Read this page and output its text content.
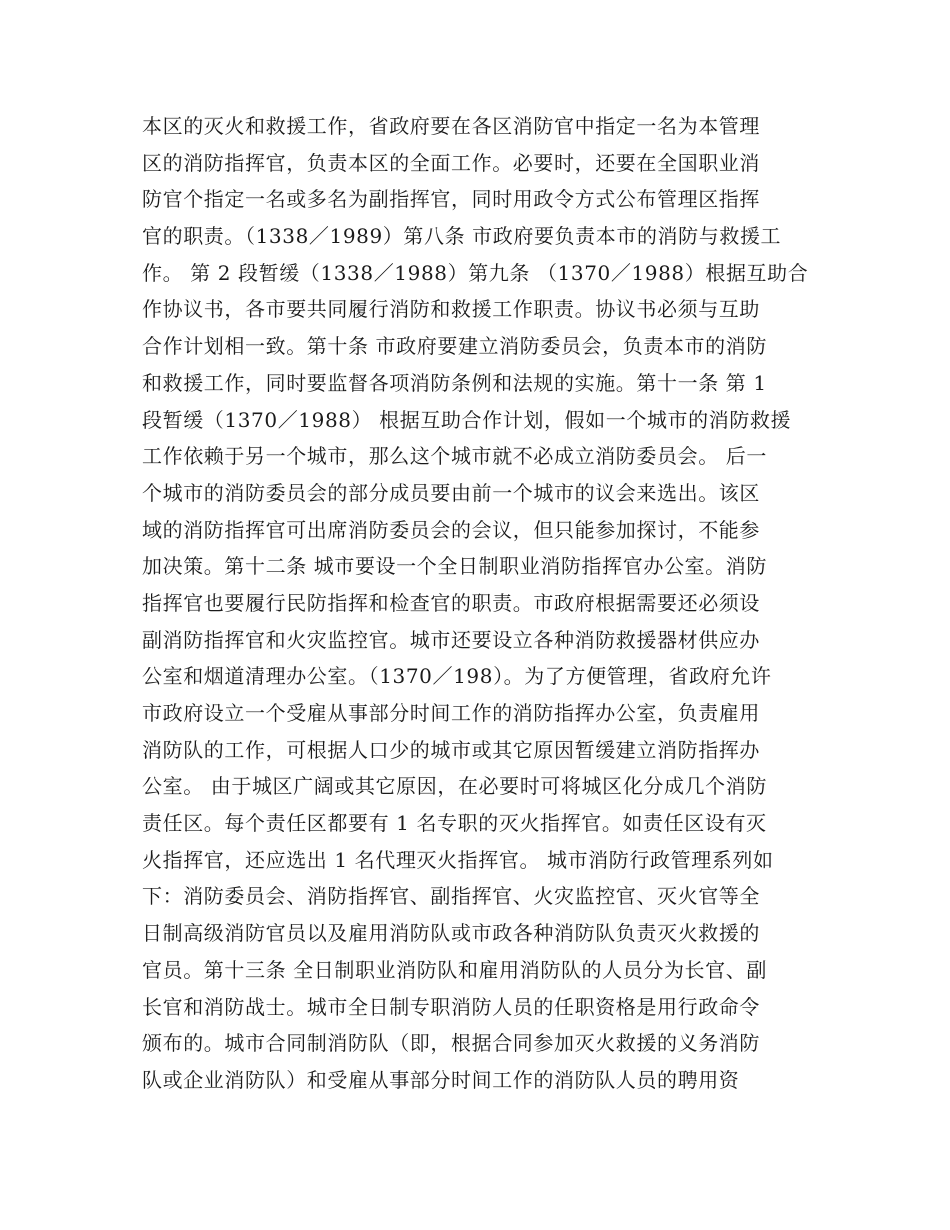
本区的灭火和救援工作，省政府要在各区消防官中指定一名为本管理
区的消防指挥官，负责本区的全面工作。必要时，还要在全国职业消
防官个指定一名或多名为副指挥官，同时用政令方式公布管理区指挥
官的职责。（1338／1989）第八条 市政府要负责本市的消防与救援工
作。 第 2 段暂缓（1338／1988）第九条 （1370／1988）根据互助合
作协议书，各市要共同履行消防和救援工作职责。协议书必须与互助
合作计划相一致。第十条 市政府要建立消防委员会，负责本市的消防
和救援工作，同时要监督各项消防条例和法规的实施。第十一条 第 1
段暂缓（1370／1988） 根据互助合作计划，假如一个城市的消防救援
工作依赖于另一个城市，那么这个城市就不必成立消防委员会。 后一
个城市的消防委员会的部分成员要由前一个城市的议会来选出。该区
域的消防指挥官可出席消防委员会的会议，但只能参加探讨，不能参
加决策。第十二条 城市要设一个全日制职业消防指挥官办公室。消防
指挥官也要履行民防指挥和检查官的职责。市政府根据需要还必须设
副消防指挥官和火灾监控官。城市还要设立各种消防救援器材供应办
公室和烟道清理办公室。（1370／198）。为了方便管理，省政府允许
市政府设立一个受雇从事部分时间工作的消防指挥办公室，负责雇用
消防队的工作，可根据人口少的城市或其它原因暂缓建立消防指挥办
公室。 由于城区广阔或其它原因，在必要时可将城区化分成几个消防
责任区。每个责任区都要有 1 名专职的灭火指挥官。如责任区设有灭
火指挥官，还应选出 1 名代理灭火指挥官。 城市消防行政管理系列如
下：消防委员会、消防指挥官、副指挥官、火灾监控官、灭火官等全
日制高级消防官员以及雇用消防队或市政各种消防队负责灭火救援的
官员。第十三条 全日制职业消防队和雇用消防队的人员分为长官、副
长官和消防战士。城市全日制专职消防人员的任职资格是用行政命令
颁布的。城市合同制消防队（即，根据合同参加灭火救援的义务消防
队或企业消防队）和受雇从事部分时间工作的消防队人员的聘用资
